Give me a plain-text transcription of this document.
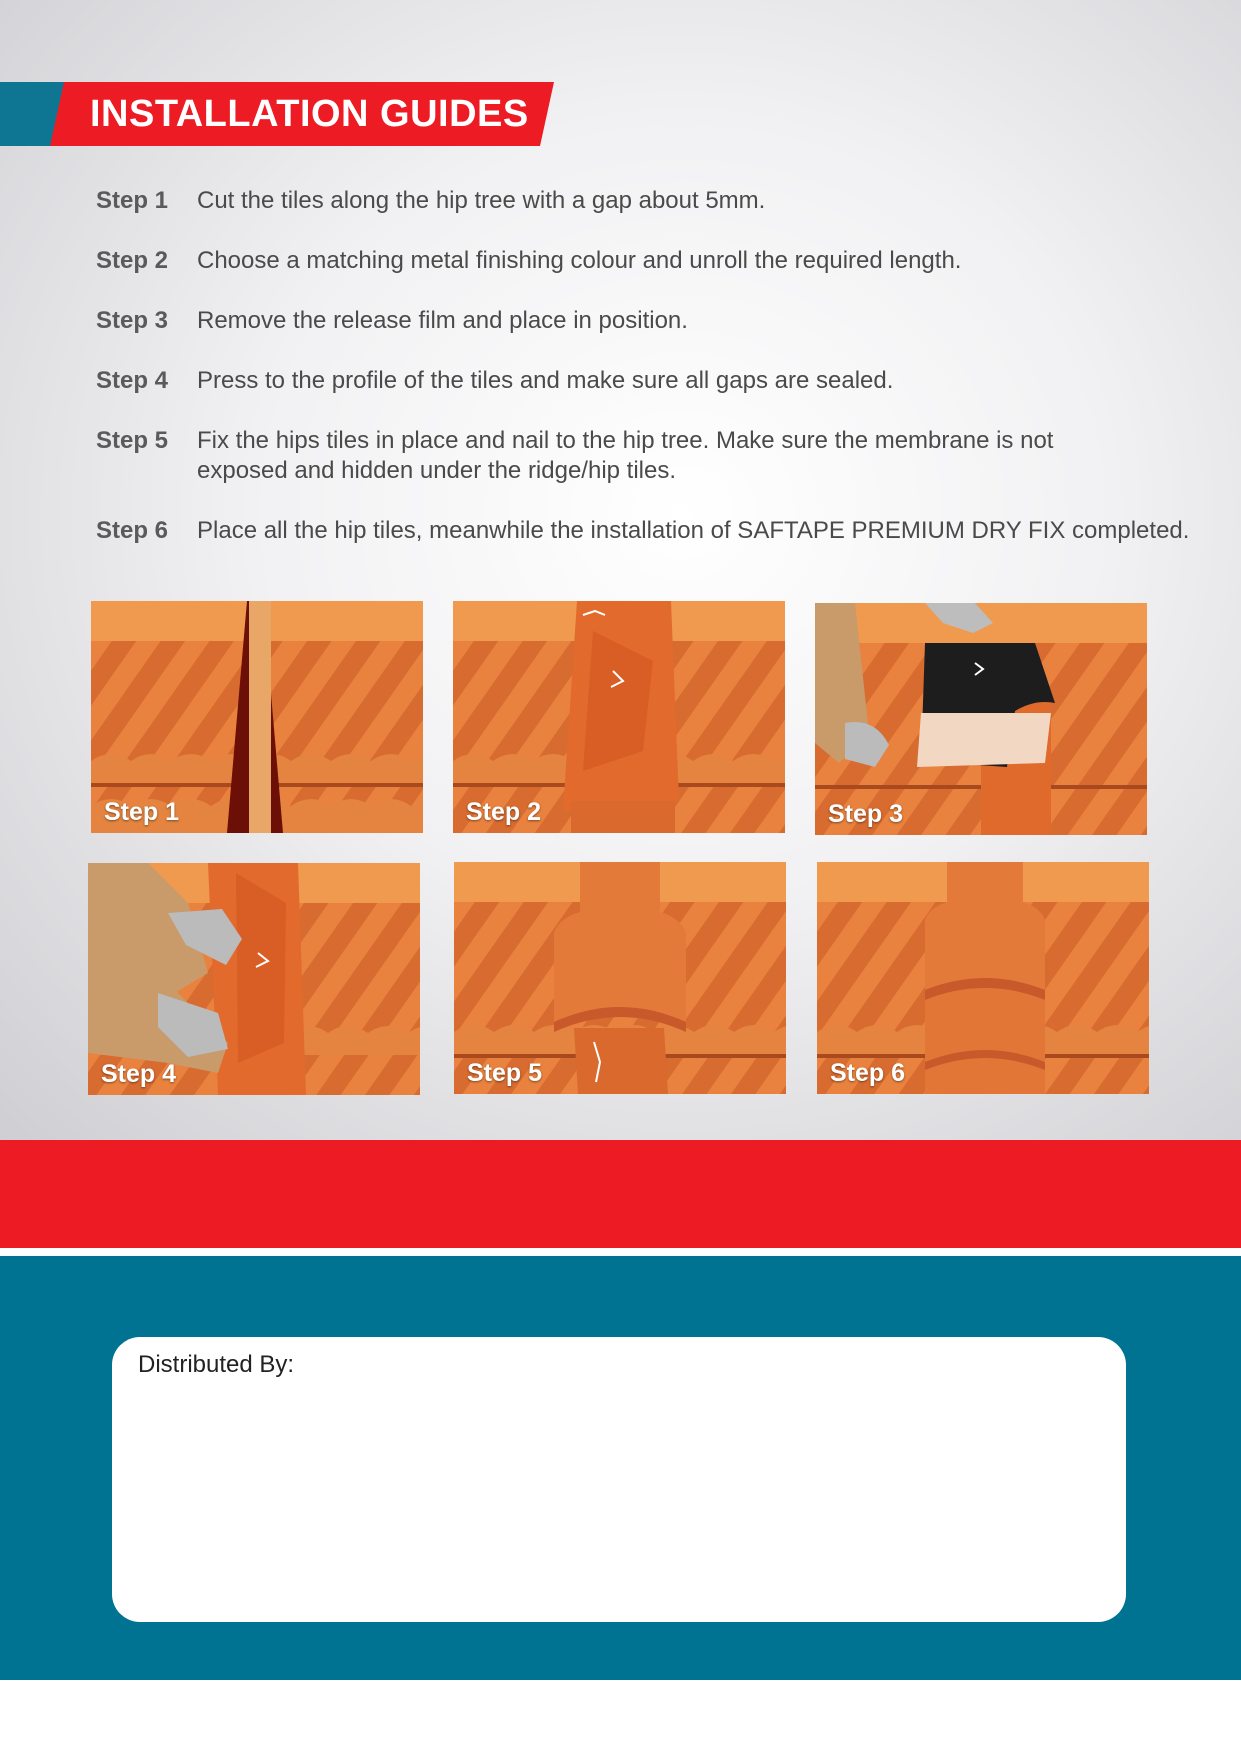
INSTALLATION GUIDES
Step 1 Cut the tiles along the hip tree with a gap about 5mm.
Step 2 Choose a matching metal finishing colour and unroll the required length.
Step 3 Remove the release film and place in position.
Step 4 Press to the profile of the tiles and make sure all gaps are sealed.
Step 5 Fix the hips tiles in place and nail to the hip tree. Make sure the membrane is not exposed and hidden under the ridge/hip tiles.
Step 6 Place all the hip tiles, meanwhile the installation of SAFTAPE PREMIUM DRY FIX completed.
Step 1	Step 2	Step 3
Step 4	Step 5	Step 6
Distributed By:
